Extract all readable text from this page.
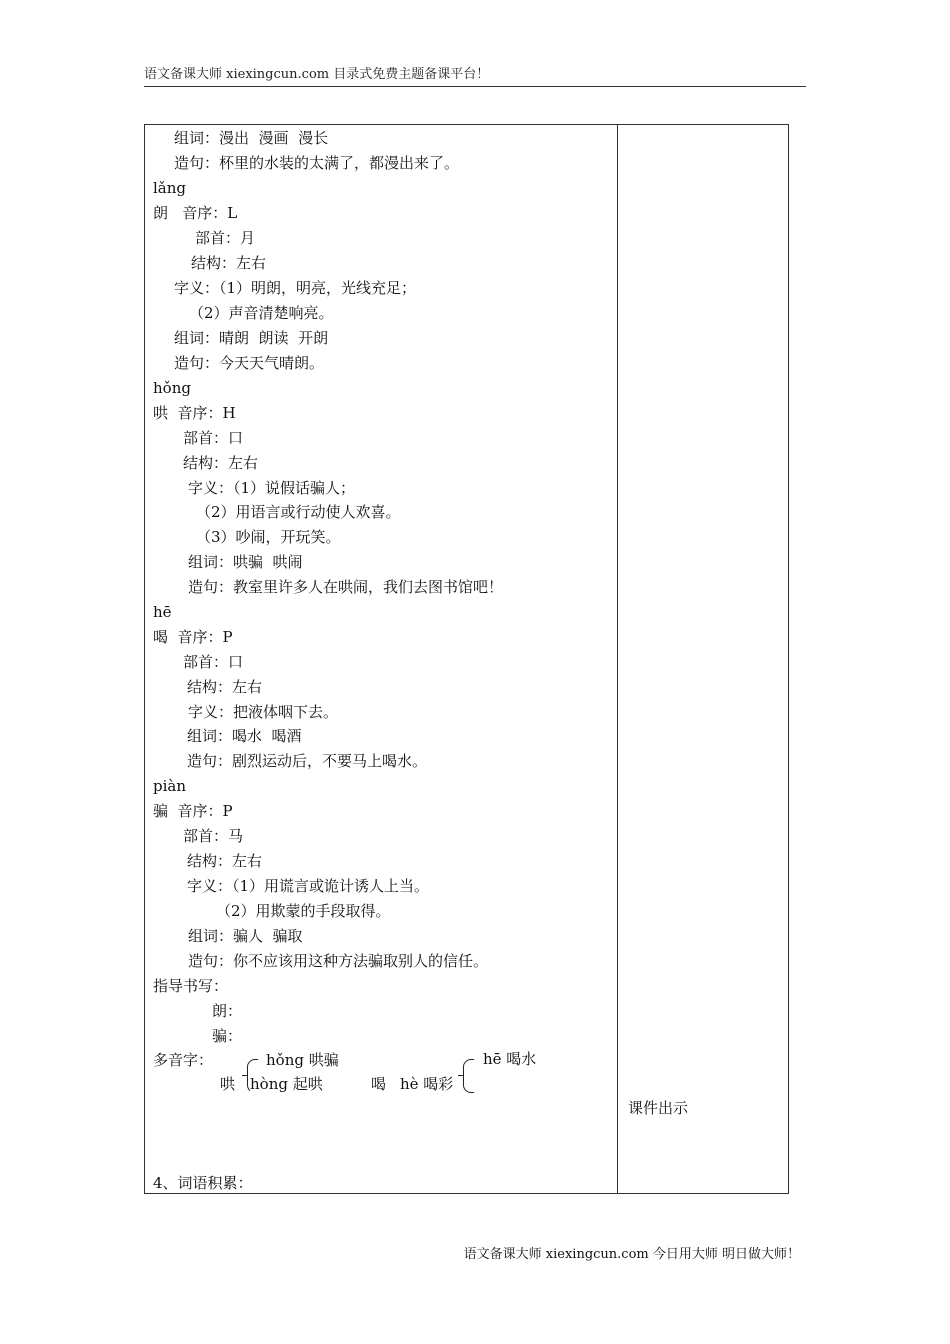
语文备课大师 xiexingcun.com 目录式免费主题备课平台！
组词：漫出  漫画  漫长
造句：杯里的水装的太满了，都漫出来了。
lǎng
朗   音序：L
部首：月
结构：左右
字义：（1）明朗，明亮，光线充足；
（2）声音清楚响亮。
组词：晴朗  朗读  开朗
造句：今天天气晴朗。
hǒng
哄  音序：H
部首：口
结构：左右
字义：（1）说假话骗人；
（2）用语言或行动使人欢喜。
（3）吵闹，开玩笑。
组词：哄骗  哄闹
造句：教室里许多人在哄闹，我们去图书馆吧！
hē
喝  音序：P
部首：口
结构：左右
字义：把液体咽下去。
组词：喝水  喝酒
造句：剧烈运动后，不要马上喝水。
piàn
骗  音序：P
部首：马
结构：左右
字义：（1）用谎言或诡计诱人上当。
（2）用欺蒙的手段取得。
组词：骗人  骗取
造句：你不应该用这种方法骗取别人的信任。
指导书写：
朗：
骗：
多音字：
哄
hǒng 哄骗
hòng 起哄	喝 hè 喝彩
hē 喝水
4、词语积累：
课件出示
语文备课大师 xiexingcun.com 今日用大师 明日做大师！
